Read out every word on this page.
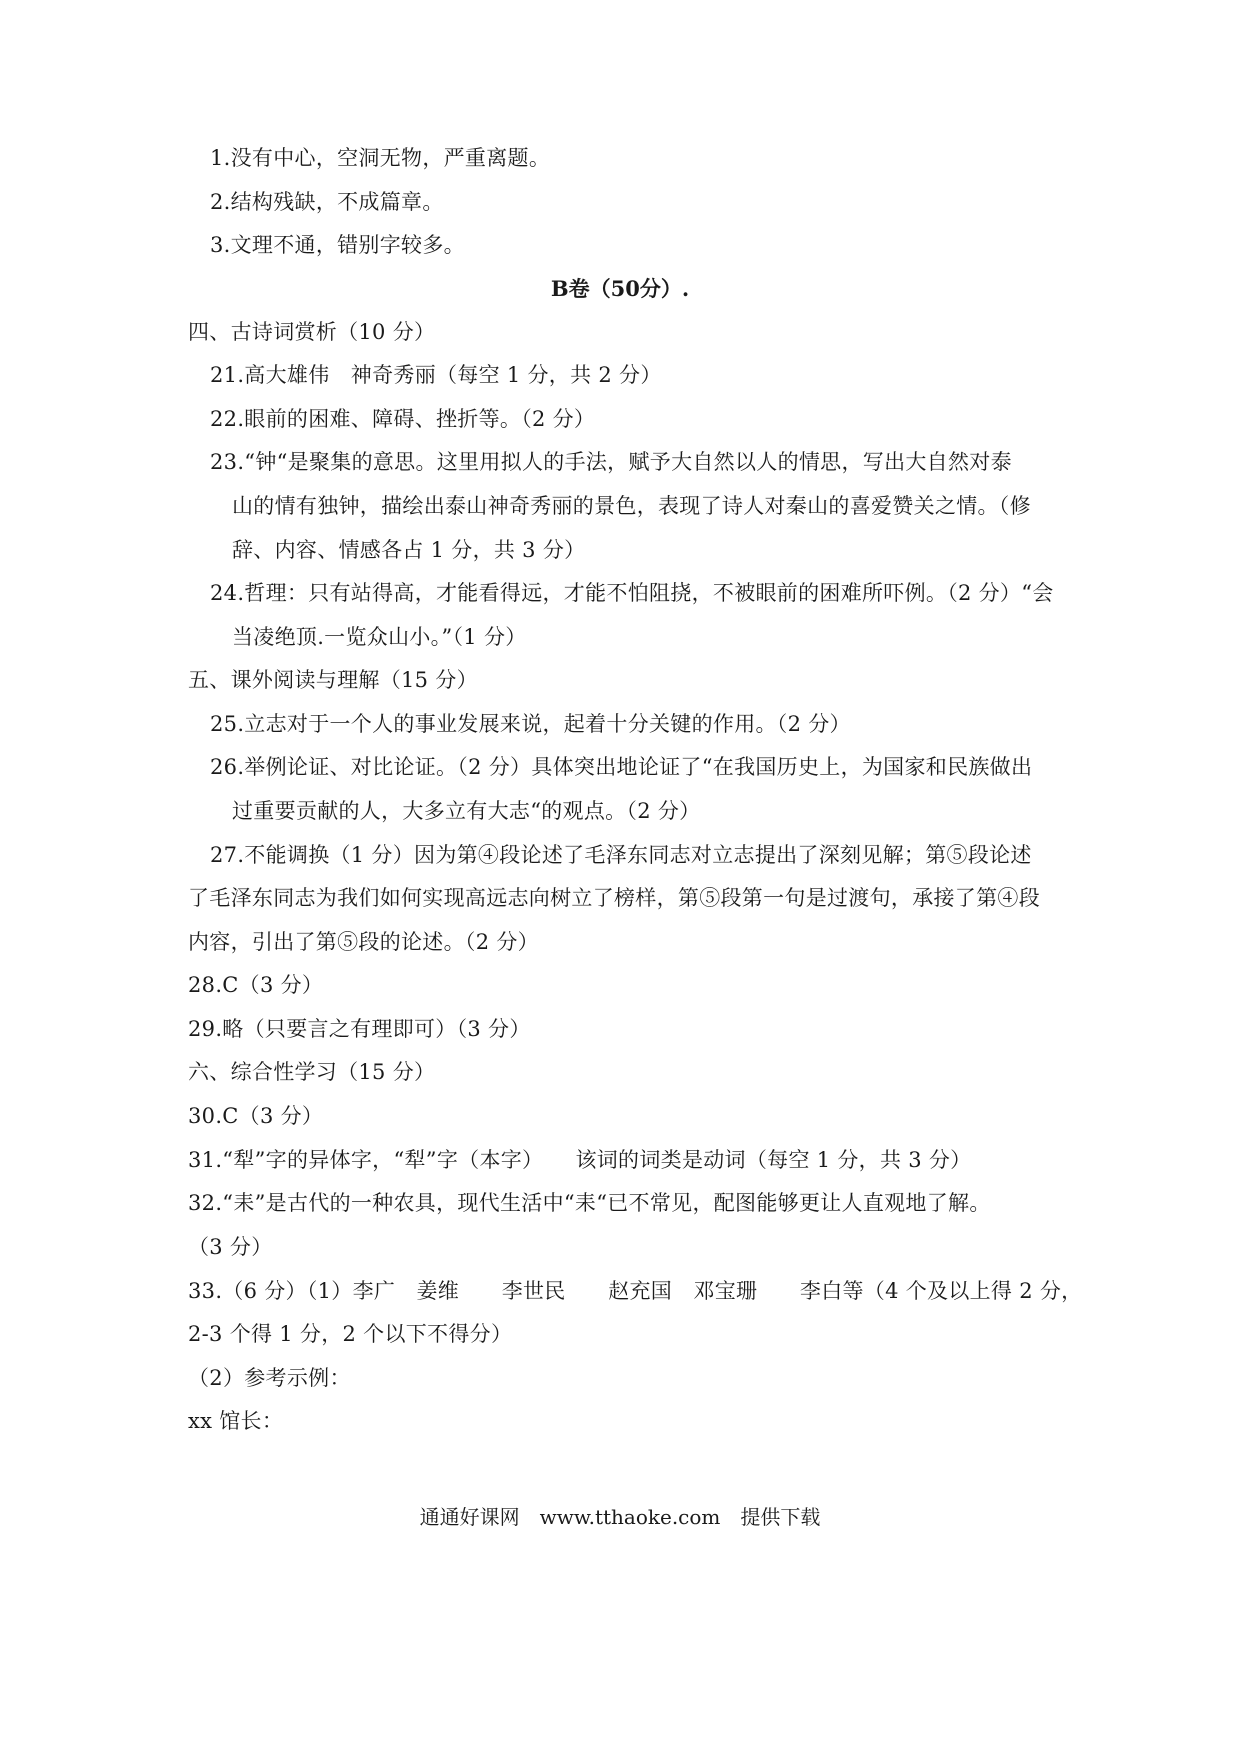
1.没有中心，空洞无物，严重离题。
2.结构残缺，不成篇章。
3.文理不通，错别字较多。
B卷（50分）.
四、古诗词赏析（10 分）
21.高大雄伟　神奇秀丽（每空 1 分，共 2 分）
22.眼前的困难、障碍、挫折等。（2 分）
23.“钟“是聚集的意思。这里用拟人的手法，赋予大自然以人的情思，写出大自然对泰
山的情有独钟，描绘出泰山神奇秀丽的景色，表现了诗人对秦山的喜爱赞关之情。（修
辞、内容、情感各占 1 分，共 3 分）
24.哲理：只有站得高，才能看得远，才能不怕阻挠，不被眼前的困难所吓例。（2 分）“会
当凌绝顶.一览众山小。”（1 分）
五、课外阅读与理解（15 分）
25.立志对于一个人的事业发展来说，起着十分关键的作用。（2 分）
26.举例论证、对比论证。（2 分）具体突出地论证了“在我国历史上，为国家和民族做出
过重要贡献的人，大多立有大志“的观点。（2 分）
27.不能调换（1 分）因为第④段论述了毛泽东同志对立志提出了深刻见解；第⑤段论述
了毛泽东同志为我们如何实现高远志向树立了榜样，第⑤段第一句是过渡句，承接了第④段
内容，引出了第⑤段的论述。（2 分）
28.C（3 分）
29.略（只要言之有理即可）（3 分）
六、综合性学习（15 分）
30.C（3 分）
31.“犁”字的异体字，“犁”字（本字）　　该词的词类是动词（每空 1 分，共 3 分）
32.“耒”是古代的一种农具，现代生活中“耒“已不常见，配图能够更让人直观地了解。
（3 分）
33.（6 分）（1）李广　姜维　　李世民　　赵充国　邓宝珊　　李白等（4 个及以上得 2 分，
2-3 个得 1 分，2 个以下不得分）
（2）参考示例：
xx 馆长：
通通好课网　www.tthaoke.com　提供下载
